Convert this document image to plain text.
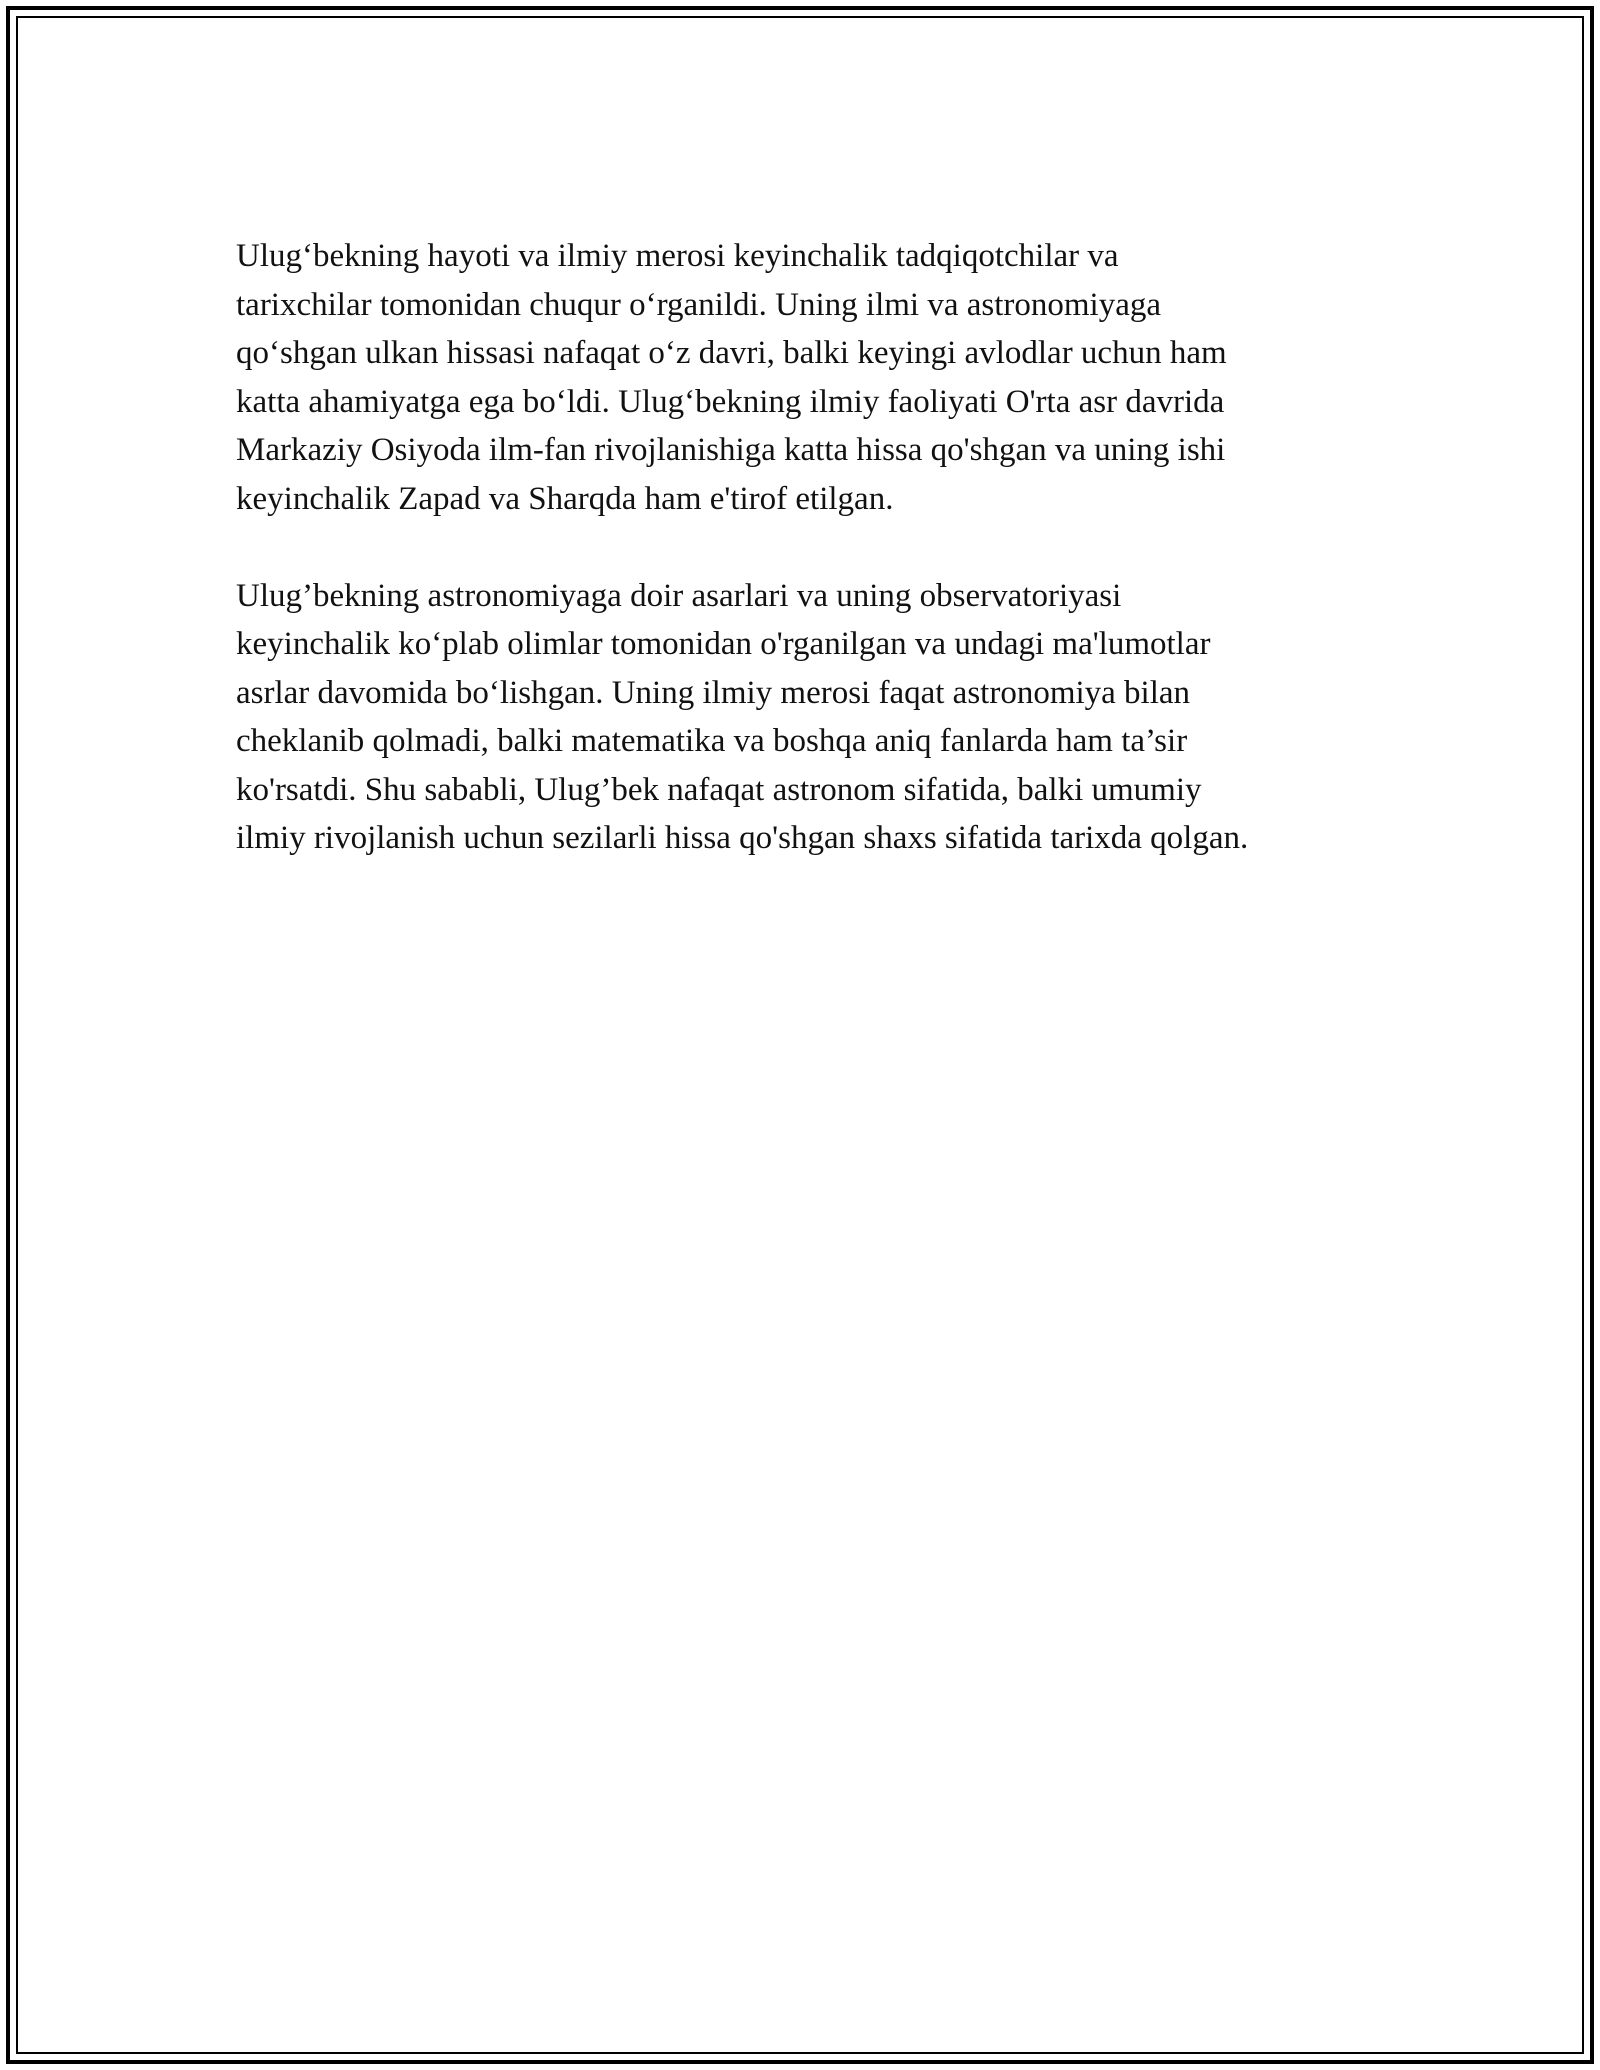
Ulug‘bekning hayoti va ilmiy merosi keyinchalik tadqiqotchilar va
tarixchilar tomonidan chuqur o‘rganildi. Uning ilmi va astronomiyaga
qo‘shgan ulkan hissasi nafaqat o‘z davri, balki keyingi avlodlar uchun ham
katta ahamiyatga ega bo‘ldi. Ulug‘bekning ilmiy faoliyati O'rta asr davrida
Markaziy Osiyoda ilm-fan rivojlanishiga katta hissa qo'shgan va uning ishi
keyinchalik Zapad va Sharqda ham e'tirof etilgan.

Ulug’bekning astronomiyaga doir asarlari va uning observatoriyasi
keyinchalik ko‘plab olimlar tomonidan o'rganilgan va undagi ma'lumotlar
asrlar davomida bo‘lishgan. Uning ilmiy merosi faqat astronomiya bilan
cheklanib qolmadi, balki matematika va boshqa aniq fanlarda ham ta’sir
ko'rsatdi. Shu sababli, Ulug’bek nafaqat astronom sifatida, balki umumiy
ilmiy rivojlanish uchun sezilarli hissa qo'shgan shaxs sifatida tarixda qolgan.
